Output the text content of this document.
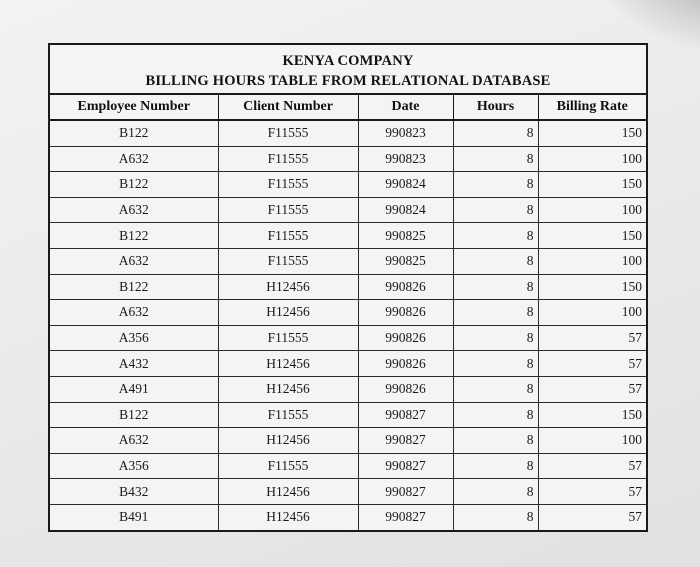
KENYA COMPANY
BILLING HOURS TABLE FROM RELATIONAL DATABASE
Employee Number	Client Number	Date	Hours	Billing Rate
B122	F11555	990823	8	150
A632	F11555	990823	8	100
B122	F11555	990824	8	150
A632	F11555	990824	8	100
B122	F11555	990825	8	150
A632	F11555	990825	8	100
B122	H12456	990826	8	150
A632	H12456	990826	8	100
A356	F11555	990826	8	57
A432	H12456	990826	8	57
A491	H12456	990826	8	57
B122	F11555	990827	8	150
A632	H12456	990827	8	100
A356	F11555	990827	8	57
B432	H12456	990827	8	57
B491	H12456	990827	8	57
